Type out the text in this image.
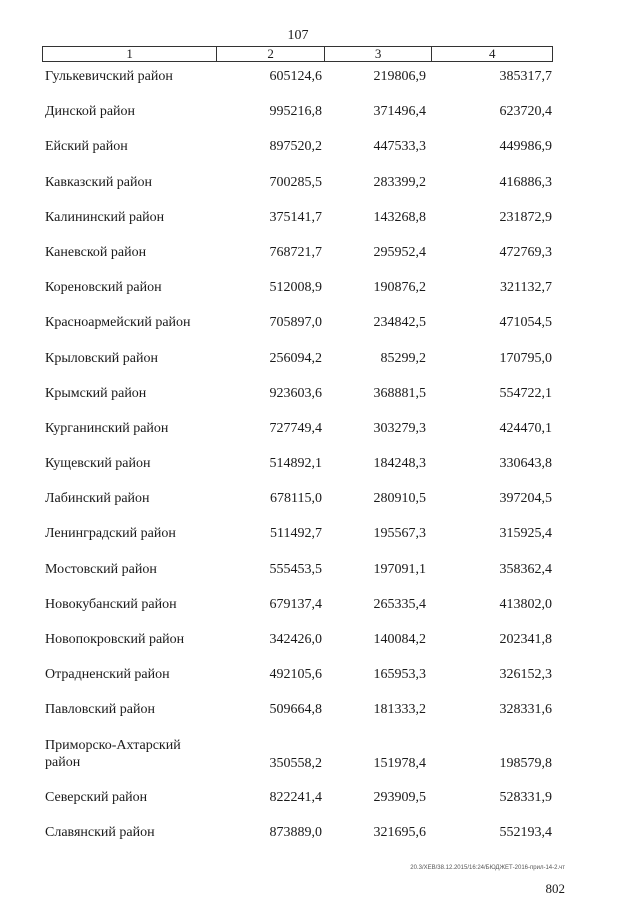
107
1	2	3	4
Гулькевичский район	605124,6	219806,9	385317,7
Динской район	995216,8	371496,4	623720,4
Ейский район	897520,2	447533,3	449986,9
Кавказский район	700285,5	283399,2	416886,3
Калининский район	375141,7	143268,8	231872,9
Каневской район	768721,7	295952,4	472769,3
Кореновский район	512008,9	190876,2	321132,7
Красноармейский район	705897,0	234842,5	471054,5
Крыловский район	256094,2	85299,2	170795,0
Крымский район	923603,6	368881,5	554722,1
Курганинский район	727749,4	303279,3	424470,1
Кущевский район	514892,1	184248,3	330643,8
Лабинский район	678115,0	280910,5	397204,5
Ленинградский район	511492,7	195567,3	315925,4
Мостовский район	555453,5	197091,1	358362,4
Новокубанский район	679137,4	265335,4	413802,0
Новопокровский район	342426,0	140084,2	202341,8
Отрадненский район	492105,6	165953,3	326152,3
Павловский район	509664,8	181333,2	328331,6
Приморско-Ахтарский район	350558,2	151978,4	198579,8
Северский район	822241,4	293909,5	528331,9
Славянский район	873889,0	321695,6	552193,4
20.3/ХЕВ/38.12.2015/16:24/БЮДЖЕТ-2016-прил-14-2.чт
802
